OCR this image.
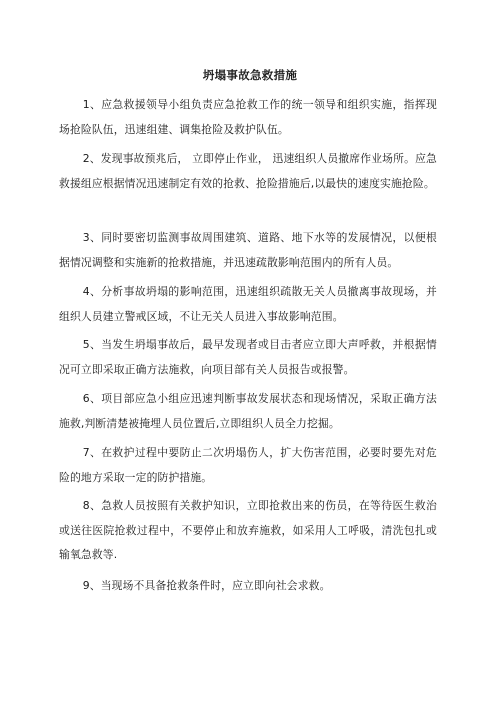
坍塌事故急救措施
1、应急救援领导小组负责应急抢救工作的统一领导和组织实施，指挥现场抢险队伍，迅速组建、调集抢险及救护队伍。
2、发现事故预兆后， 立即停止作业， 迅速组织人员撤席作业场所。应急救援组应根据情况迅速制定有效的抢救、抢险措施后,以最快的速度实施抢险。
3、同时要密切监测事故周围建筑、道路、地下水等的发展情况，以便根据情况调整和实施新的抢救措施，并迅速疏散影响范围内的所有人员。
4、分析事故坍塌的影响范围，迅速组织疏散无关人员撤离事故现场，并组织人员建立警戒区域，不让无关人员进入事故影响范围。
5、当发生坍塌事故后，最早发现者或目击者应立即大声呼救，并根据情况可立即采取正确方法施救，向项目部有关人员报告或报警。
6、项目部应急小组应迅速判断事故发展状态和现场情况，采取正确方法施救,判断清楚被掩埋人员位置后,立即组织人员全力挖掘。
7、在救护过程中要防止二次坍塌伤人，扩大伤害范围，必要时要先对危险的地方采取一定的防护措施。
8、急救人员按照有关救护知识，立即抢救出来的伤员，在等待医生救治或送往医院抢救过程中，不要停止和放弃施救，如采用人工呼吸，清洗包扎或输氧急救等.
9、当现场不具备抢救条件时，应立即向社会求救。
